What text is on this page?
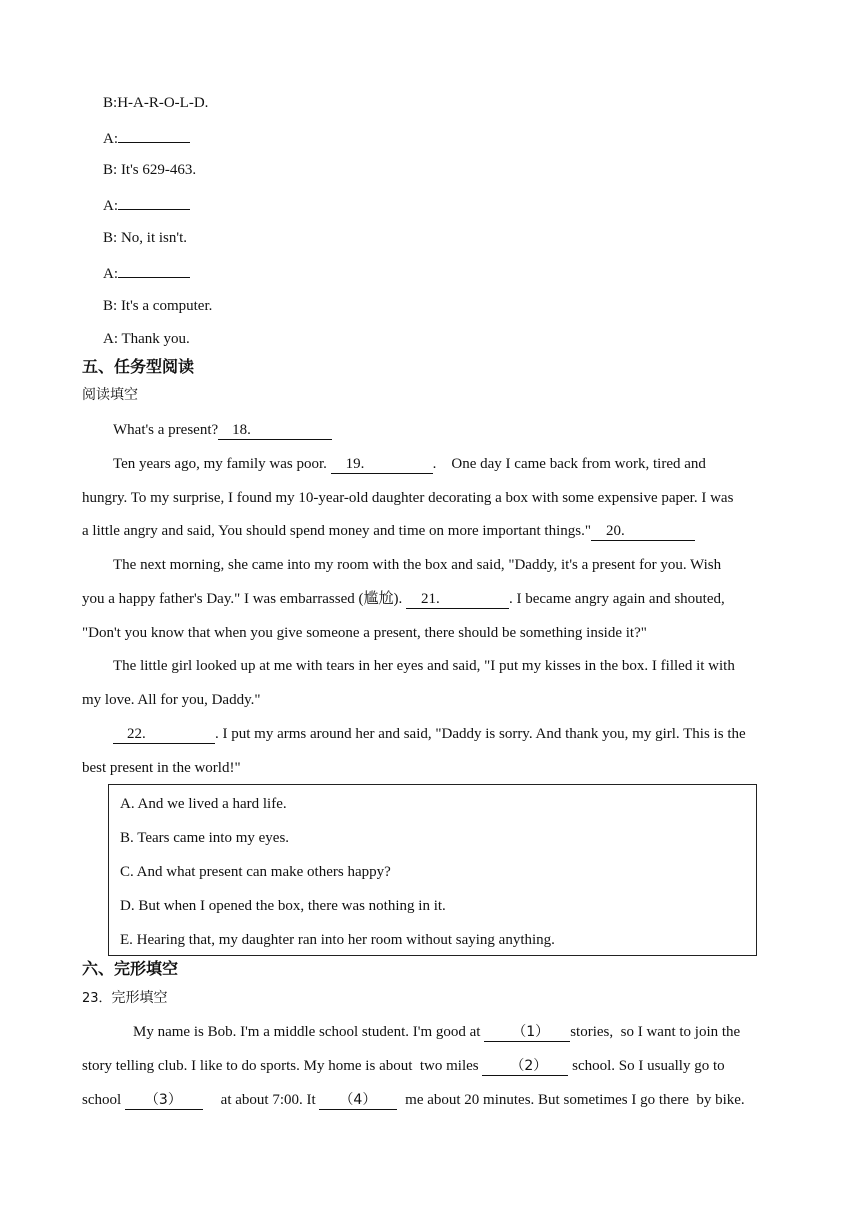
B:H-A-R-O-L-D.
A:
B: It's 629-463.
A:
B: No, it isn't.
A:
B: It's a computer.
A: Thank you.
五、任务型阅读
阅读填空
What's a present? 18.
Ten years ago, my family was poor. 19.	.    One day I came back from work, tired and
hungry. To my surprise, I found my 10-year-old daughter decorating a box with some expensive paper. I was
a little angry and said, You should spend money and time on more important things." 20.
The next morning, she came into my room with the box and said, "Daddy, it's a present for you. Wish
you a happy father's Day." I was embarrassed (尴尬). 21.	. I became angry again and shouted,
"Don't you know that when you give someone a present, there should be something inside it?"
The little girl looked up at me with tears in her eyes and said, "I put my kisses in the box. I filled it with
my love. All for you, Daddy."
22.	. I put my arms around her and said, "Daddy is sorry. And thank you, my girl. This is the
best present in the world!"
A. And we lived a hard life.
B. Tears came into my eyes.
C. And what present can make others happy?
D. But when I opened the box, there was nothing in it.
E. Hearing that, my daughter ran into her room without saying anything.
六、完形填空
23．完形填空
My name is Bob. I'm a middle school student. I'm good at （1） stories,  so I want to join the
story telling club. I like to do sports. My home is about  two miles （2） school. So I usually go to
school （3） at about 7:00. It （4） me about 20 minutes. But sometimes I go there  by bike.
